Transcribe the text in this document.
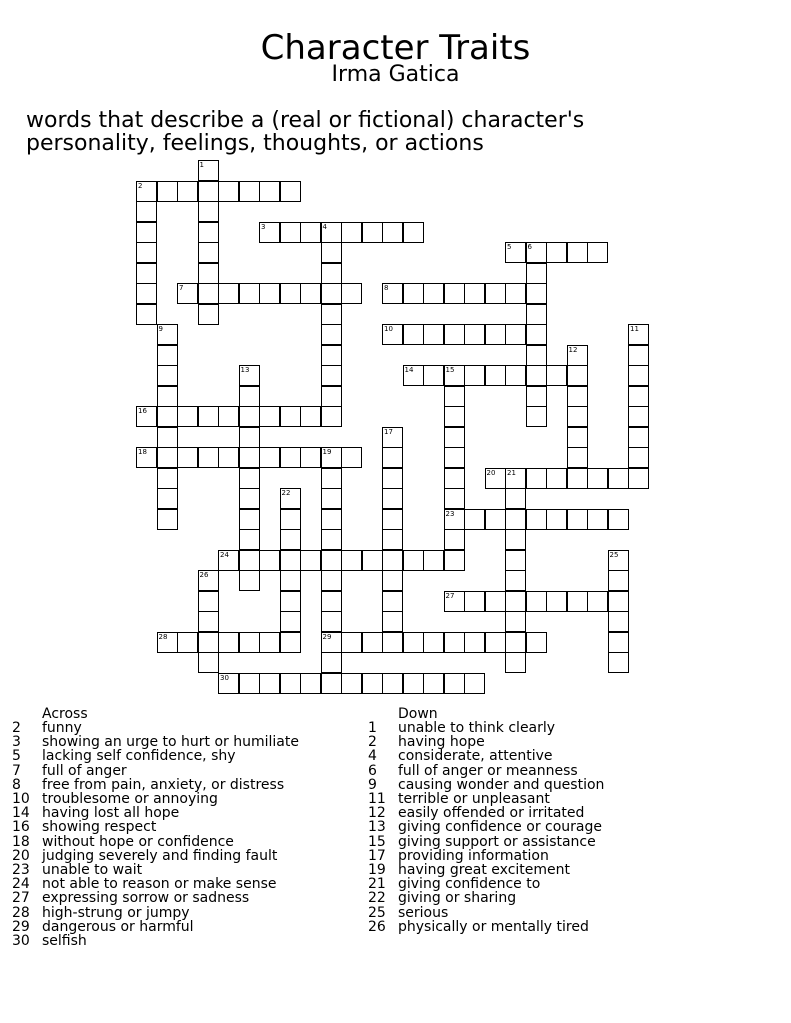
Character Traits
Irma Gatica
words that describe a (real or fictional) character's
personality, feelings, thoughts, or actions
2
3	4
5 6
7	8
10
14	15
16
18	19
20 21
23
24
27
28	29
30
1
9	11
12
13
17
22
25
26
Across	Down
2 funny
3 showing an urge to hurt or humiliate
5 lacking self confidence, shy
7 full of anger
8 free from pain, anxiety, or distress
10 troublesome or annoying
14 having lost all hope
16 showing respect
18 without hope or confidence
20 judging severely and finding fault
23 unable to wait
24 not able to reason or make sense
27 expressing sorrow or sadness
28 high-strung or jumpy
29 dangerous or harmful
30 selfish
1 unable to think clearly
2 having hope
4 considerate, attentive
6 full of anger or meanness
9 causing wonder and question
11 terrible or unpleasant
12 easily offended or irritated
13 giving confidence or courage
15 giving support or assistance
17 providing information
19 having great excitement
21 giving confidence to
22 giving or sharing
25 serious
26 physically or mentally tired
